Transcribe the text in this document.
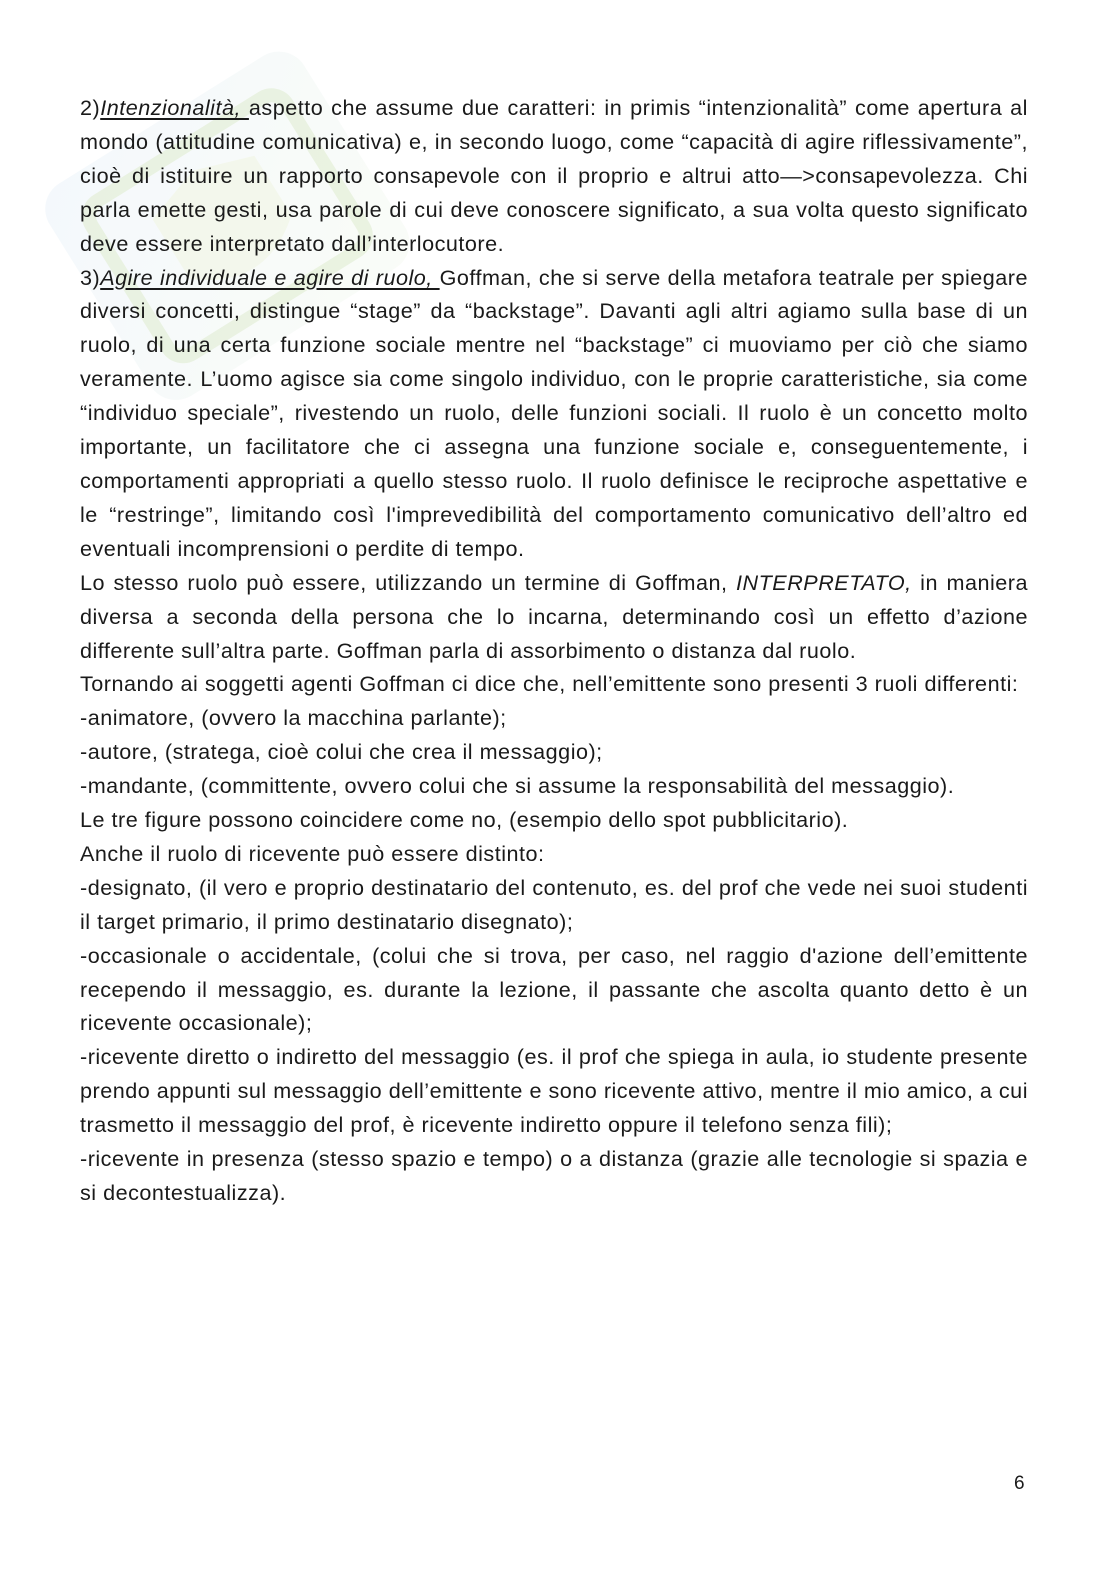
2)Intenzionalità, aspetto che assume due caratteri: in primis “intenzionalità” come apertura al mondo (attitudine comunicativa) e, in secondo luogo, come “capacità di agire riflessivamente”, cioè di istituire un rapporto consapevole con il proprio e altrui atto—>consapevolezza. Chi parla emette gesti, usa parole di cui deve conoscere significato, a sua volta questo significato deve essere interpretato dall’interlocutore.

3)Agire individuale e agire di ruolo, Goffman, che si serve della metafora teatrale per spiegare diversi concetti, distingue “stage” da “backstage”. Davanti agli altri agiamo sulla base di un ruolo, di una certa funzione sociale mentre nel “backstage” ci muoviamo per ciò che siamo veramente. L’uomo agisce sia come singolo individuo, con le proprie caratteristiche, sia come “individuo speciale”, rivestendo un ruolo, delle funzioni sociali. Il ruolo è un concetto molto importante, un facilitatore che ci assegna una funzione sociale e, conseguentemente, i comportamenti appropriati a quello stesso ruolo. Il ruolo definisce le reciproche aspettative e le “restringe”, limitando così l'imprevedibilità del comportamento comunicativo dell’altro ed eventuali incomprensioni o perdite di tempo.

Lo stesso ruolo può essere, utilizzando un termine di Goffman, INTERPRETATO, in maniera diversa a seconda della persona che lo incarna, determinando così un effetto d’azione differente sull’altra parte. Goffman parla di assorbimento o distanza dal ruolo.

Tornando ai soggetti agenti Goffman ci dice che, nell’emittente sono presenti 3 ruoli differenti:

-animatore, (ovvero la macchina parlante);

-autore, (stratega, cioè colui che crea il messaggio);

-mandante, (committente, ovvero colui che si assume la responsabilità del messaggio).

Le tre figure possono coincidere come no, (esempio dello spot pubblicitario).

Anche il ruolo di ricevente può essere distinto:

-designato, (il vero e proprio destinatario del contenuto, es. del prof che vede nei suoi studenti il target primario, il primo destinatario disegnato);

-occasionale o accidentale, (colui che si trova, per caso, nel raggio d'azione dell’emittente recependo il messaggio, es. durante la lezione, il passante che ascolta quanto detto è un ricevente occasionale);

-ricevente diretto o indiretto del messaggio (es. il prof che spiega in aula, io studente presente prendo appunti sul messaggio dell’emittente e sono ricevente attivo, mentre il mio amico, a cui trasmetto il messaggio del prof, è ricevente indiretto oppure il telefono senza fili);

-ricevente in presenza (stesso spazio e tempo) o a distanza (grazie alle tecnologie si spazia e si decontestualizza).

6
